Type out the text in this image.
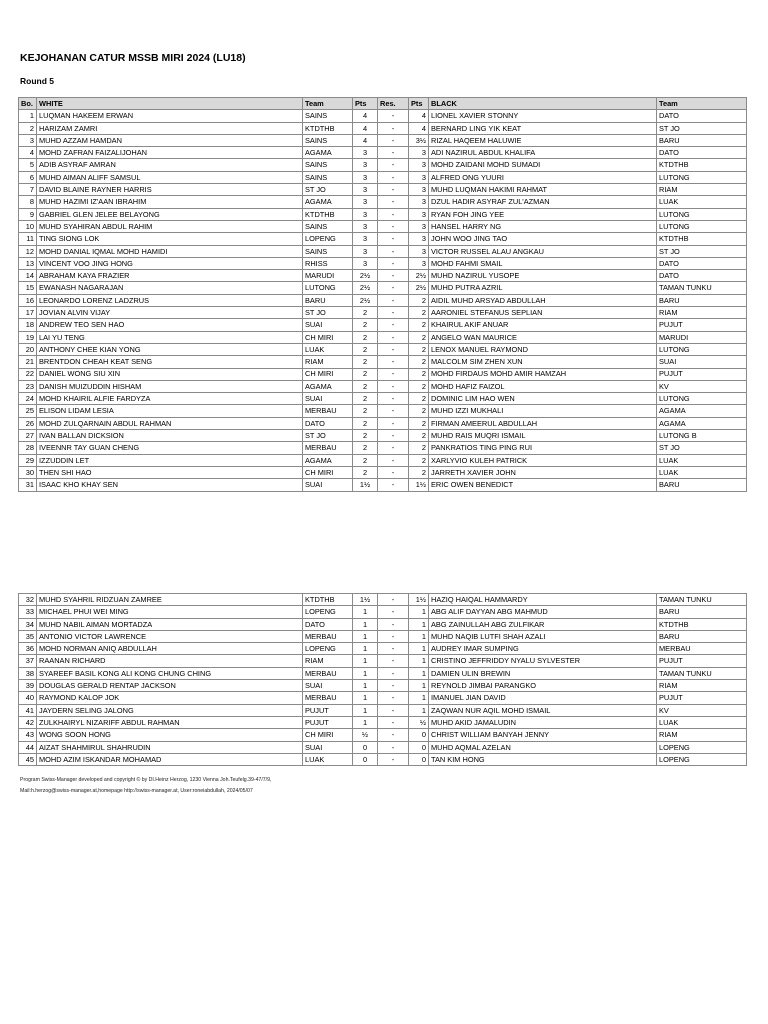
KEJOHANAN CATUR MSSB MIRI 2024 (LU18)
Round 5
Bo.	WHITE	Team	Pts	Res.	Pts	BLACK	Team
1	LUQMAN HAKEEM ERWAN	SAINS	4	-	4	LIONEL XAVIER STONNY	DATO
2	HARIZAM ZAMRI	KTDTHB	4	-	4	BERNARD LING YIK KEAT	ST JO
3	MUHD AZZAM HAMDAN	SAINS	4	-	3½	RIZAL HAQEEM HALUWIE	BARU
4	MOHD ZAFRAN FAIZALIJOHAN	AGAMA	3	-	3	ADI NAZIRUL ABDUL KHALIFA	DATO
5	ADIB ASYRAF AMRAN	SAINS	3	-	3	MOHD ZAIDANI MOHD SUMADI	KTDTHB
6	MUHD AIMAN ALIFF SAMSUL	SAINS	3	-	3	ALFRED ONG YUURI	LUTONG
7	DAVID BLAINE RAYNER HARRIS	ST JO	3	-	3	MUHD LUQMAN HAKIMI RAHMAT	RIAM
8	MUHD HAZIMI IZ'AAN IBRAHIM	AGAMA	3	-	3	DZUL HADIR ASYRAF ZUL'AZMAN	LUAK
9	GABRIEL GLEN JELEE BELAYONG	KTDTHB	3	-	3	RYAN FOH JING YEE	LUTONG
10	MUHD SYAHIRAN ABDUL RAHIM	SAINS	3	-	3	HANSEL HARRY NG	LUTONG
11	TING SIONG LOK	LOPENG	3	-	3	JOHN WOO JING TAO	KTDTHB
12	MOHD DANIAL IQMAL MOHD HAMIDI	SAINS	3	-	3	VICTOR RUSSEL ALAU ANGKAU	ST JO
13	VINCENT VOO JING HONG	RHISS	3	-	3	MOHD FAHMI SMAIL	DATO
14	ABRAHAM KAYA FRAZIER	MARUDI	2½	-	2½	MUHD NAZIRUL YUSOPE	DATO
15	EWANASH NAGARAJAN	LUTONG	2½	-	2½	MUHD PUTRA AZRIL	TAMAN TUNKU
16	LEONARDO LORENZ LADZRUS	BARU	2½	-	2	AIDIL MUHD ARSYAD ABDULLAH	BARU
17	JOVIAN ALVIN VIJAY	ST JO	2	-	2	AARONIEL STEFANUS SEPLIAN	RIAM
18	ANDREW TEO SEN HAO	SUAI	2	-	2	KHAIRUL AKIF ANUAR	PUJUT
19	LAI YU TENG	CH MIRI	2	-	2	ANGELO WAN MAURICE	MARUDI
20	ANTHONY CHEE KIAN YONG	LUAK	2	-	2	LENOX MANUEL RAYMOND	LUTONG
21	BRENTDON CHEAH KEAT SENG	RIAM	2	-	2	MALCOLM SIM ZHEN XUN	SUAI
22	DANIEL WONG SIU XIN	CH MIRI	2	-	2	MOHD FIRDAUS MOHD AMIR HAMZAH	PUJUT
23	DANISH MUIZUDDIN HISHAM	AGAMA	2	-	2	MOHD HAFIZ FAIZOL	KV
24	MOHD KHAIRIL ALFIE FARDYZA	SUAI	2	-	2	DOMINIC LIM HAO WEN	LUTONG
25	ELISON LIDAM LESIA	MERBAU	2	-	2	MUHD IZZI MUKHALI	AGAMA
26	MOHD ZULQARNAIN ABDUL RAHMAN	DATO	2	-	2	FIRMAN AMEERUL ABDULLAH	AGAMA
27	IVAN BALLAN DICKSION	ST JO	2	-	2	MUHD RAIS MUQRI ISMAIL	LUTONG B
28	IVEENNR TAY GUAN CHENG	MERBAU	2	-	2	PANKRATIOS TING PING RUI	ST JO
29	IZZUDDIN LET	AGAMA	2	-	2	XARLYVIO KULEH PATRICK	LUAK
30	THEN SHI HAO	CH MIRI	2	-	2	JARRETH XAVIER JOHN	LUAK
31	ISAAC KHO KHAY SEN	SUAI	1½	-	1½	ERIC OWEN BENEDICT	BARU
32	MUHD SYAHRIL RIDZUAN ZAMREE	KTDTHB	1½	-	1½	HAZIQ HAIQAL HAMMARDY	TAMAN TUNKU
33	MICHAEL PHUI WEI MING	LOPENG	1	-	1	ABG ALIF DAYYAN ABG MAHMUD	BARU
34	MUHD NABIL AIMAN MORTADZA	DATO	1	-	1	ABG ZAINULLAH ABG ZULFIKAR	KTDTHB
35	ANTONIO VICTOR LAWRENCE	MERBAU	1	-	1	MUHD NAQIB LUTFI SHAH AZALI	BARU
36	MOHD NORMAN ANIQ ABDULLAH	LOPENG	1	-	1	AUDREY IMAR SUMPING	MERBAU
37	RAANAN RICHARD	RIAM	1	-	1	CRISTINO JEFFRIDDY NYALU SYLVESTER	PUJUT
38	SYAREEF BASIL KONG ALI KONG CHUNG CHING	MERBAU	1	-	1	DAMIEN ULIN BREWIN	TAMAN TUNKU
39	DOUGLAS GERALD RENTAP JACKSON	SUAI	1	-	1	REYNOLD JIMBAI PARANGKO	RIAM
40	RAYMOND KALOP JOK	MERBAU	1	-	1	IMANUEL JIAN DAVID	PUJUT
41	JAYDERN SELING JALONG	PUJUT	1	-	1	ZAQWAN NUR AQIL MOHD ISMAIL	KV
42	ZULKHAIRYL NIZARIFF ABDUL RAHMAN	PUJUT	1	-	½	MUHD AKID JAMALUDIN	LUAK
43	WONG SOON HONG	CH MIRI	½	-	0	CHRIST WILLIAM BANYAH JENNY	RIAM
44	AIZAT SHAHMIRUL SHAHRUDIN	SUAI	0	-	0	MUHD AQMAL AZELAN	LOPENG
45	MOHD AZIM ISKANDAR MOHAMAD	LUAK	0	-	0	TAN KIM HONG	LOPENG
Program Swiss-Manager developed and copyright © by DI.Heinz Herzog, 1230 Vienna Joh.Teufelg.39-47/7/9,
Mail:h.herzog@swiss-manager.at,homepage http://swiss-manager.at, User:roneiabdullah, 2024/05/07
